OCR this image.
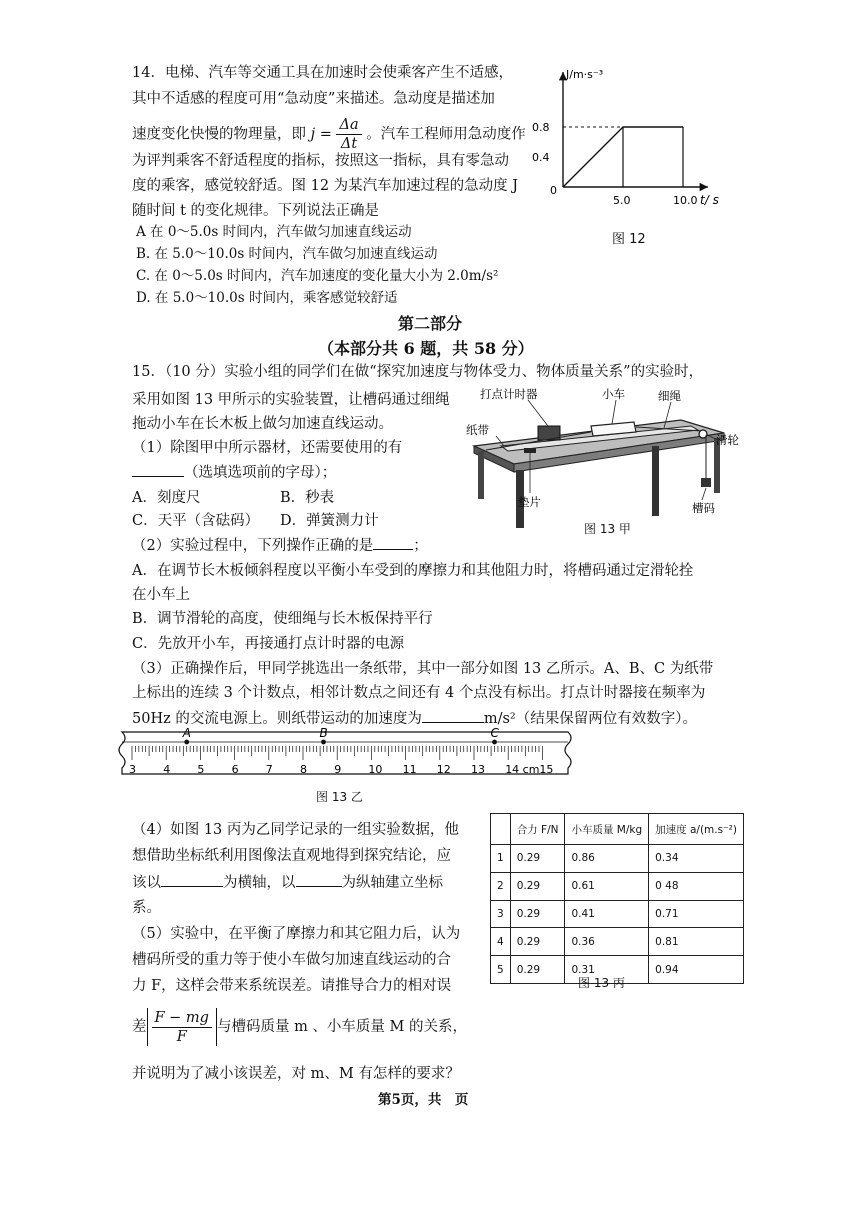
14．电梯、汽车等交通工具在加速时会使乘客产生不适感，
其中不适感的程度可用“急动度”来描述。急动度是描述加
速度变化快慢的物理量，即 $j = \frac{\Delta a}{\Delta t}$ 。汽车工程师用急动度作
为评判乘客不舒适程度的指标，按照这一指标，具有零急动
度的乘客，感觉较舒适。图 12 为某汽车加速过程的急动度 J
随时间 t 的变化规律。下列说法正确是
A 在 0～5.0s 时间内，汽车做匀加速直线运动
B. 在 5.0～10.0s 时间内，汽车做匀加速直线运动
C. 在 0～5.0s 时间内，汽车加速度的变化量大小为 2.0m/s²
D. 在 5.0～10.0s 时间内，乘客感觉较舒适
0.4
0.8
5.0	10.0
J/m·s⁻³
t/ s
0
图 12
第二部分
（本部分共 6 题，共 58 分）
15．（10 分）实验小组的同学们在做“探究加速度与物体受力、物体质量关系”的实验时，
采用如图 13 甲所示的实验装置，让槽码通过细绳
拖动小车在长木板上做匀加速直线运动。
（1）除图甲中所示器材，还需要使用的有
（选填选项前的字母）；
A．刻度尺	B．秒表
C．天平（含砝码） D．弹簧测力计
（2）实验过程中，下列操作正确的是	；
A．在调节长木板倾斜程度以平衡小车受到的摩擦力和其他阻力时，将槽码通过定滑轮拴
在小车上
B．调节滑轮的高度，使细绳与长木板保持平行
C．先放开小车，再接通打点计时器的电源
（3）正确操作后，甲同学挑选出一条纸带，其中一部分如图 13 乙所示。A、B、C 为纸带
上标出的连续 3 个计数点，相邻计数点之间还有 4 个点没有标出。打点计时器接在频率为
50Hz 的交流电源上。则纸带运动的加速度为	m/s²（结果保留两位有效数字）。
打点计时器	小车	细绳
纸带
滑轮
垫片	槽码
图 13 甲
3 4 5 6 7 8 9 10 11 12 13 14 cm 15
A	B	C
图 13 乙
（4）如图 13 丙为乙同学记录的一组实验数据，他
想借助坐标纸利用图像法直观地得到探究结论，应
该以	为横轴，以	为纵轴建立坐标
系。
（5）实验中，在平衡了摩擦力和其它阻力后，认为
槽码所受的重力等于使小车做匀加速直线运动的合
力 F，这样会带来系统误差。请推导合力的相对误
差 $\frac{F - mg}{F}$ 与槽码质量 m 、小车质量 M 的关系，
并说明为了减小该误差，对 m、M 有怎样的要求？
	合力 F/N	小车质量 M/kg	加速度 a/(m.s⁻²)
1	0.29	0.86	0.34
2	0.29	0.61	0 48
3	0.29	0.41	0.71
4	0.29	0.36	0.81
5	0.29	0.31	0.94
图 13 丙
第5页，共　页
